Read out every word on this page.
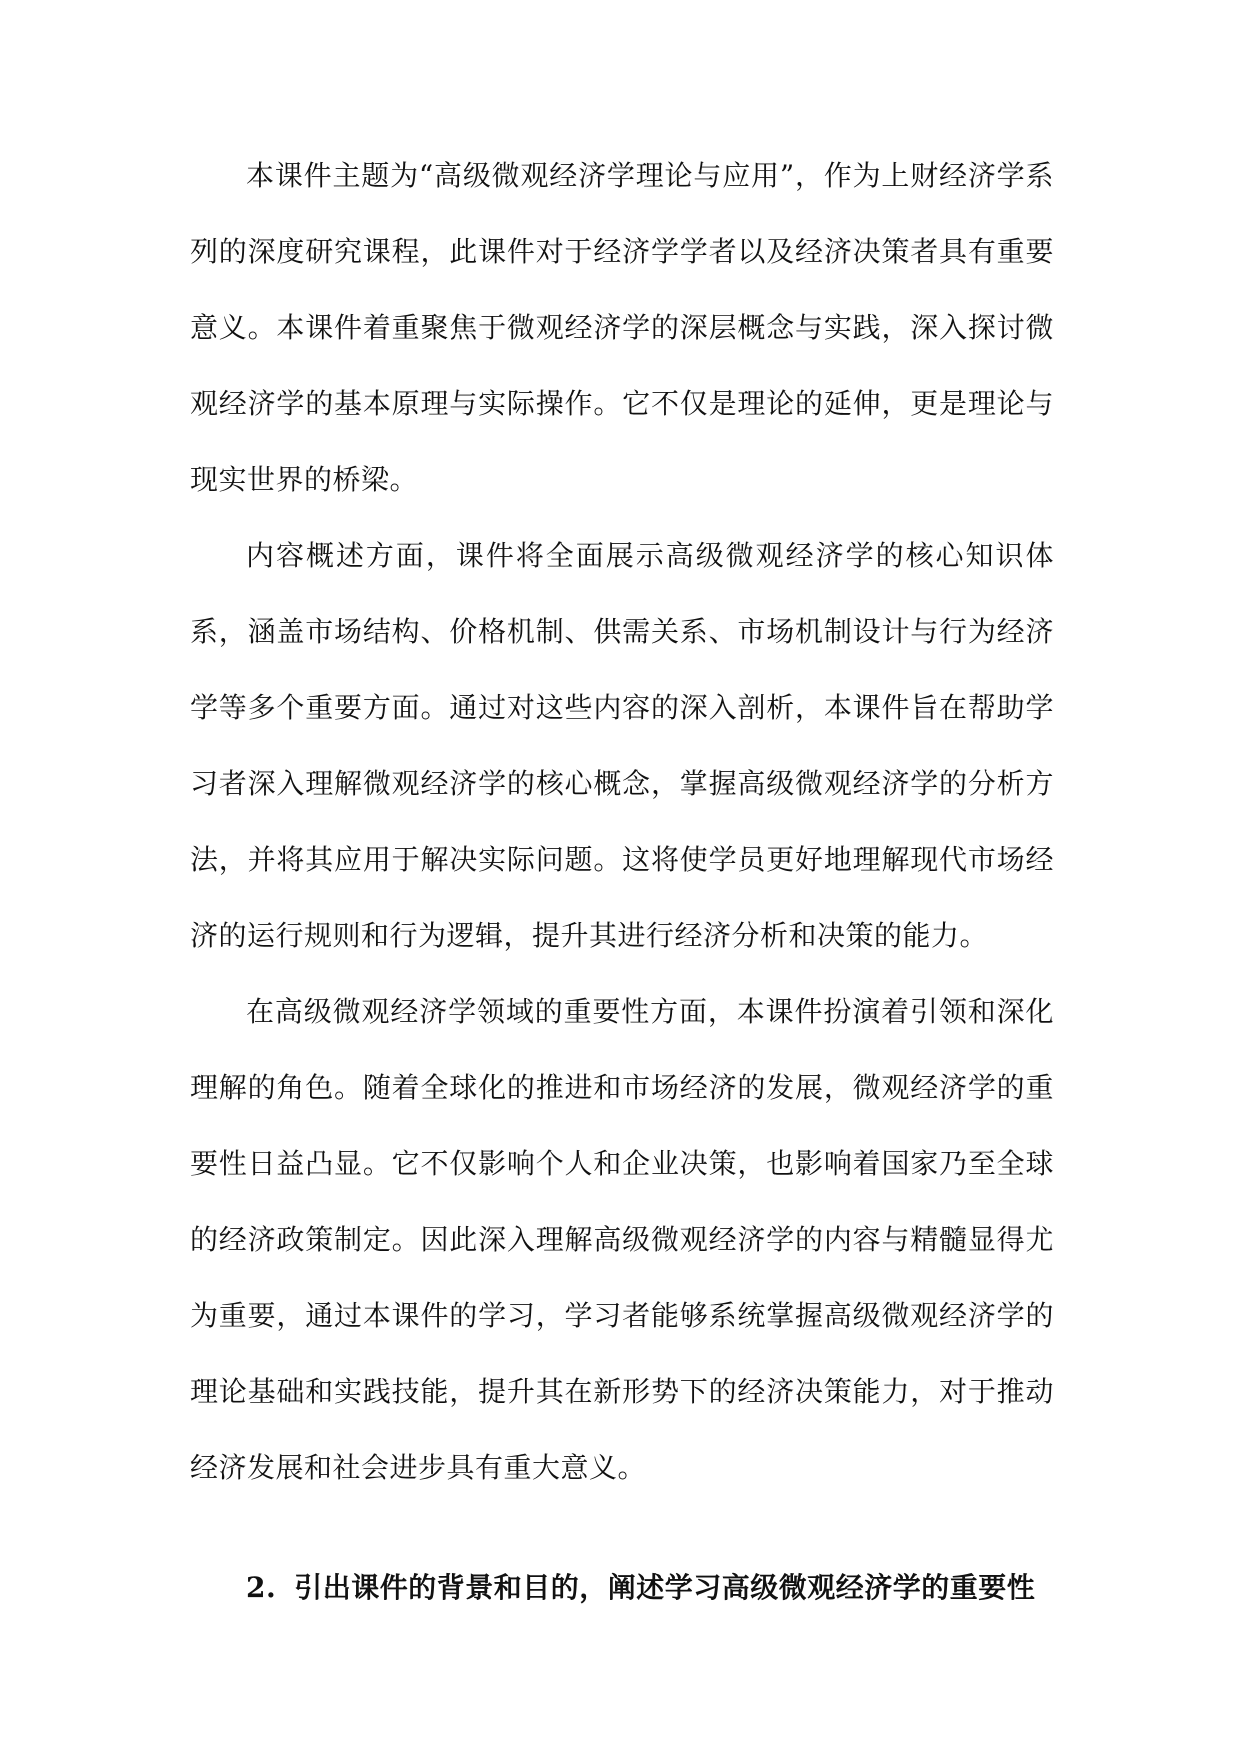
本课件主题为“高级微观经济学理论与应用”，作为上财经济学系列的深度研究课程，此课件对于经济学学者以及经济决策者具有重要意义。本课件着重聚焦于微观经济学的深层概念与实践，深入探讨微观经济学的基本原理与实际操作。它不仅是理论的延伸，更是理论与现实世界的桥梁。

内容概述方面，课件将全面展示高级微观经济学的核心知识体系，涵盖市场结构、价格机制、供需关系、市场机制设计与行为经济学等多个重要方面。通过对这些内容的深入剖析，本课件旨在帮助学习者深入理解微观经济学的核心概念，掌握高级微观经济学的分析方法，并将其应用于解决实际问题。这将使学员更好地理解现代市场经济的运行规则和行为逻辑，提升其进行经济分析和决策的能力。

在高级微观经济学领域的重要性方面，本课件扮演着引领和深化理解的角色。随着全球化的推进和市场经济的发展，微观经济学的重要性日益凸显。它不仅影响个人和企业决策，也影响着国家乃至全球的经济政策制定。因此深入理解高级微观经济学的内容与精髓显得尤为重要，通过本课件的学习，学习者能够系统掌握高级微观经济学的理论基础和实践技能，提升其在新形势下的经济决策能力，对于推动经济发展和社会进步具有重大意义。

2. 引出课件的背景和目的，阐述学习高级微观经济学的重要性
